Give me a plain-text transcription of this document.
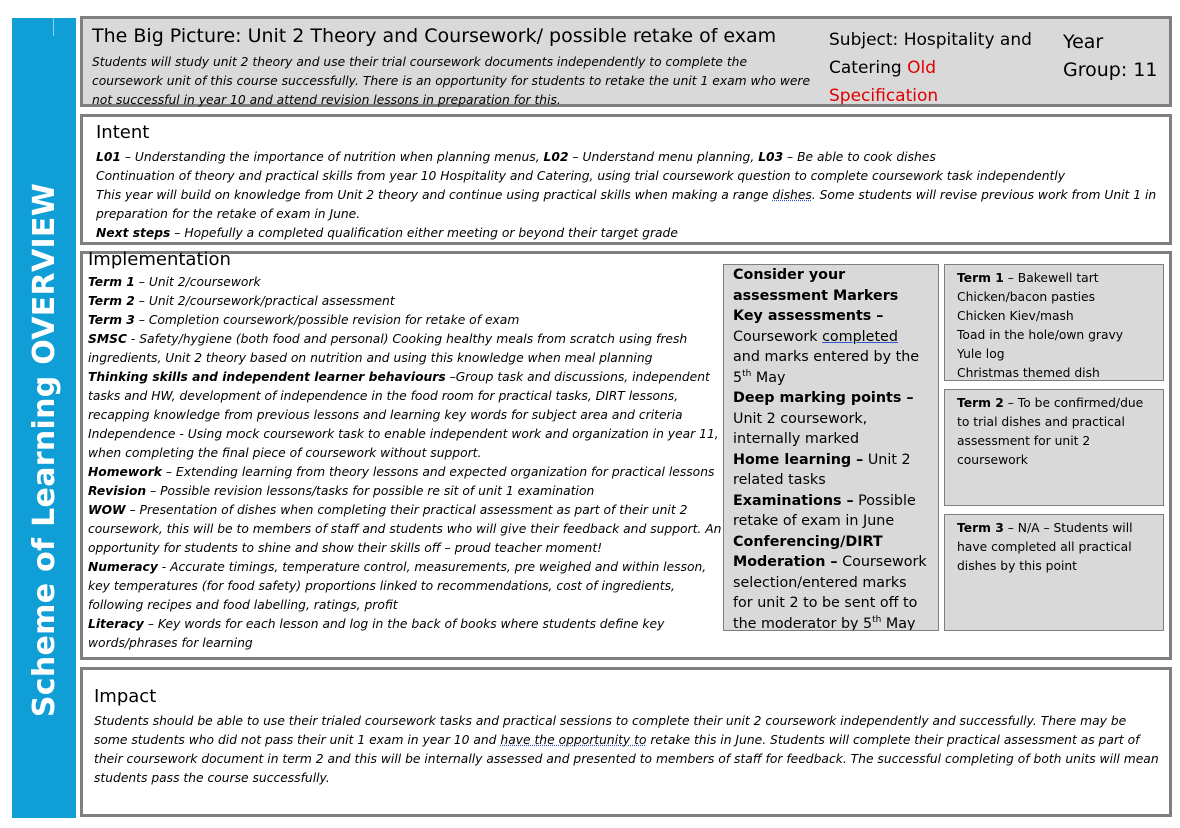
Scheme of Learning OVERVIEW
The Big Picture: Unit 2 Theory and Coursework/ possible retake of exam
Students will study unit 2 theory and use their trial coursework documents independently to complete the coursework unit of this course successfully. There is an opportunity for students to retake the unit 1 exam who were not successful in year 10 and attend revision lessons in preparation for this.
Subject: Hospitality and Catering Old Specification
Year Group: 11
Intent
L01 – Understanding the importance of nutrition when planning menus, L02 – Understand menu planning, L03 – Be able to cook dishes
Continuation of theory and practical skills from year 10 Hospitality and Catering, using trial coursework question to complete coursework task independently
This year will build on knowledge from Unit 2 theory and continue using practical skills when making a range dishes. Some students will revise previous work from Unit 1 in preparation for the retake of exam in June.
Next steps – Hopefully a completed qualification either meeting or beyond their target grade
Implementation
Term 1 – Unit 2/coursework
Term 2 – Unit 2/coursework/practical assessment
Term 3 – Completion coursework/possible revision for retake of exam
SMSC - Safety/hygiene (both food and personal) Cooking healthy meals from scratch using fresh ingredients, Unit 2 theory based on nutrition and using this knowledge when meal planning
Thinking skills and independent learner behaviours –Group task and discussions, independent tasks and HW, development of independence in the food room for practical tasks, DIRT lessons, recapping knowledge from previous lessons and learning key words for subject area and criteria
Independence - Using mock coursework task to enable independent work and organization in year 11, when completing the final piece of coursework without support.
Homework – Extending learning from theory lessons and expected organization for practical lessons
Revision – Possible revision lessons/tasks for possible re sit of unit 1 examination
WOW – Presentation of dishes when completing their practical assessment as part of their unit 2 coursework, this will be to members of staff and students who will give their feedback and support. An opportunity for students to shine and show their skills off – proud teacher moment!
Numeracy - Accurate timings, temperature control, measurements, pre weighed and within lesson, key temperatures (for food safety) proportions linked to recommendations, cost of ingredients, following recipes and food labelling, ratings, profit
Literacy – Key words for each lesson and log in the back of books where students define key words/phrases for learning

Consider your assessment Markers

Key assessments –
Coursework completed and marks entered by the 5th May

Deep marking points – Unit 2 coursework, internally marked

Home learning – Unit 2 related tasks

Examinations – Possible retake of exam in June

Conferencing/DIRT Moderation – Coursework selection/entered marks for unit 2 to be sent off to the moderator by 5th May

Term 1 – Bakewell tart
Chicken/bacon pasties
Chicken Kiev/mash
Toad in the hole/own gravy
Yule log
Christmas themed dish
Term 2 – To be confirmed/due to trial dishes and practical assessment for unit 2 coursework
Term 3 – N/A – Students will have completed all practical dishes by this point
Impact
Students should be able to use their trialed coursework tasks and practical sessions to complete their unit 2 coursework independently and successfully. There may be some students who did not pass their unit 1 exam in year 10 and have the opportunity to retake this in June. Students will complete their practical assessment as part of their coursework document in term 2 and this will be internally assessed and presented to members of staff for feedback. The successful completing of both units will mean students pass the course successfully.
